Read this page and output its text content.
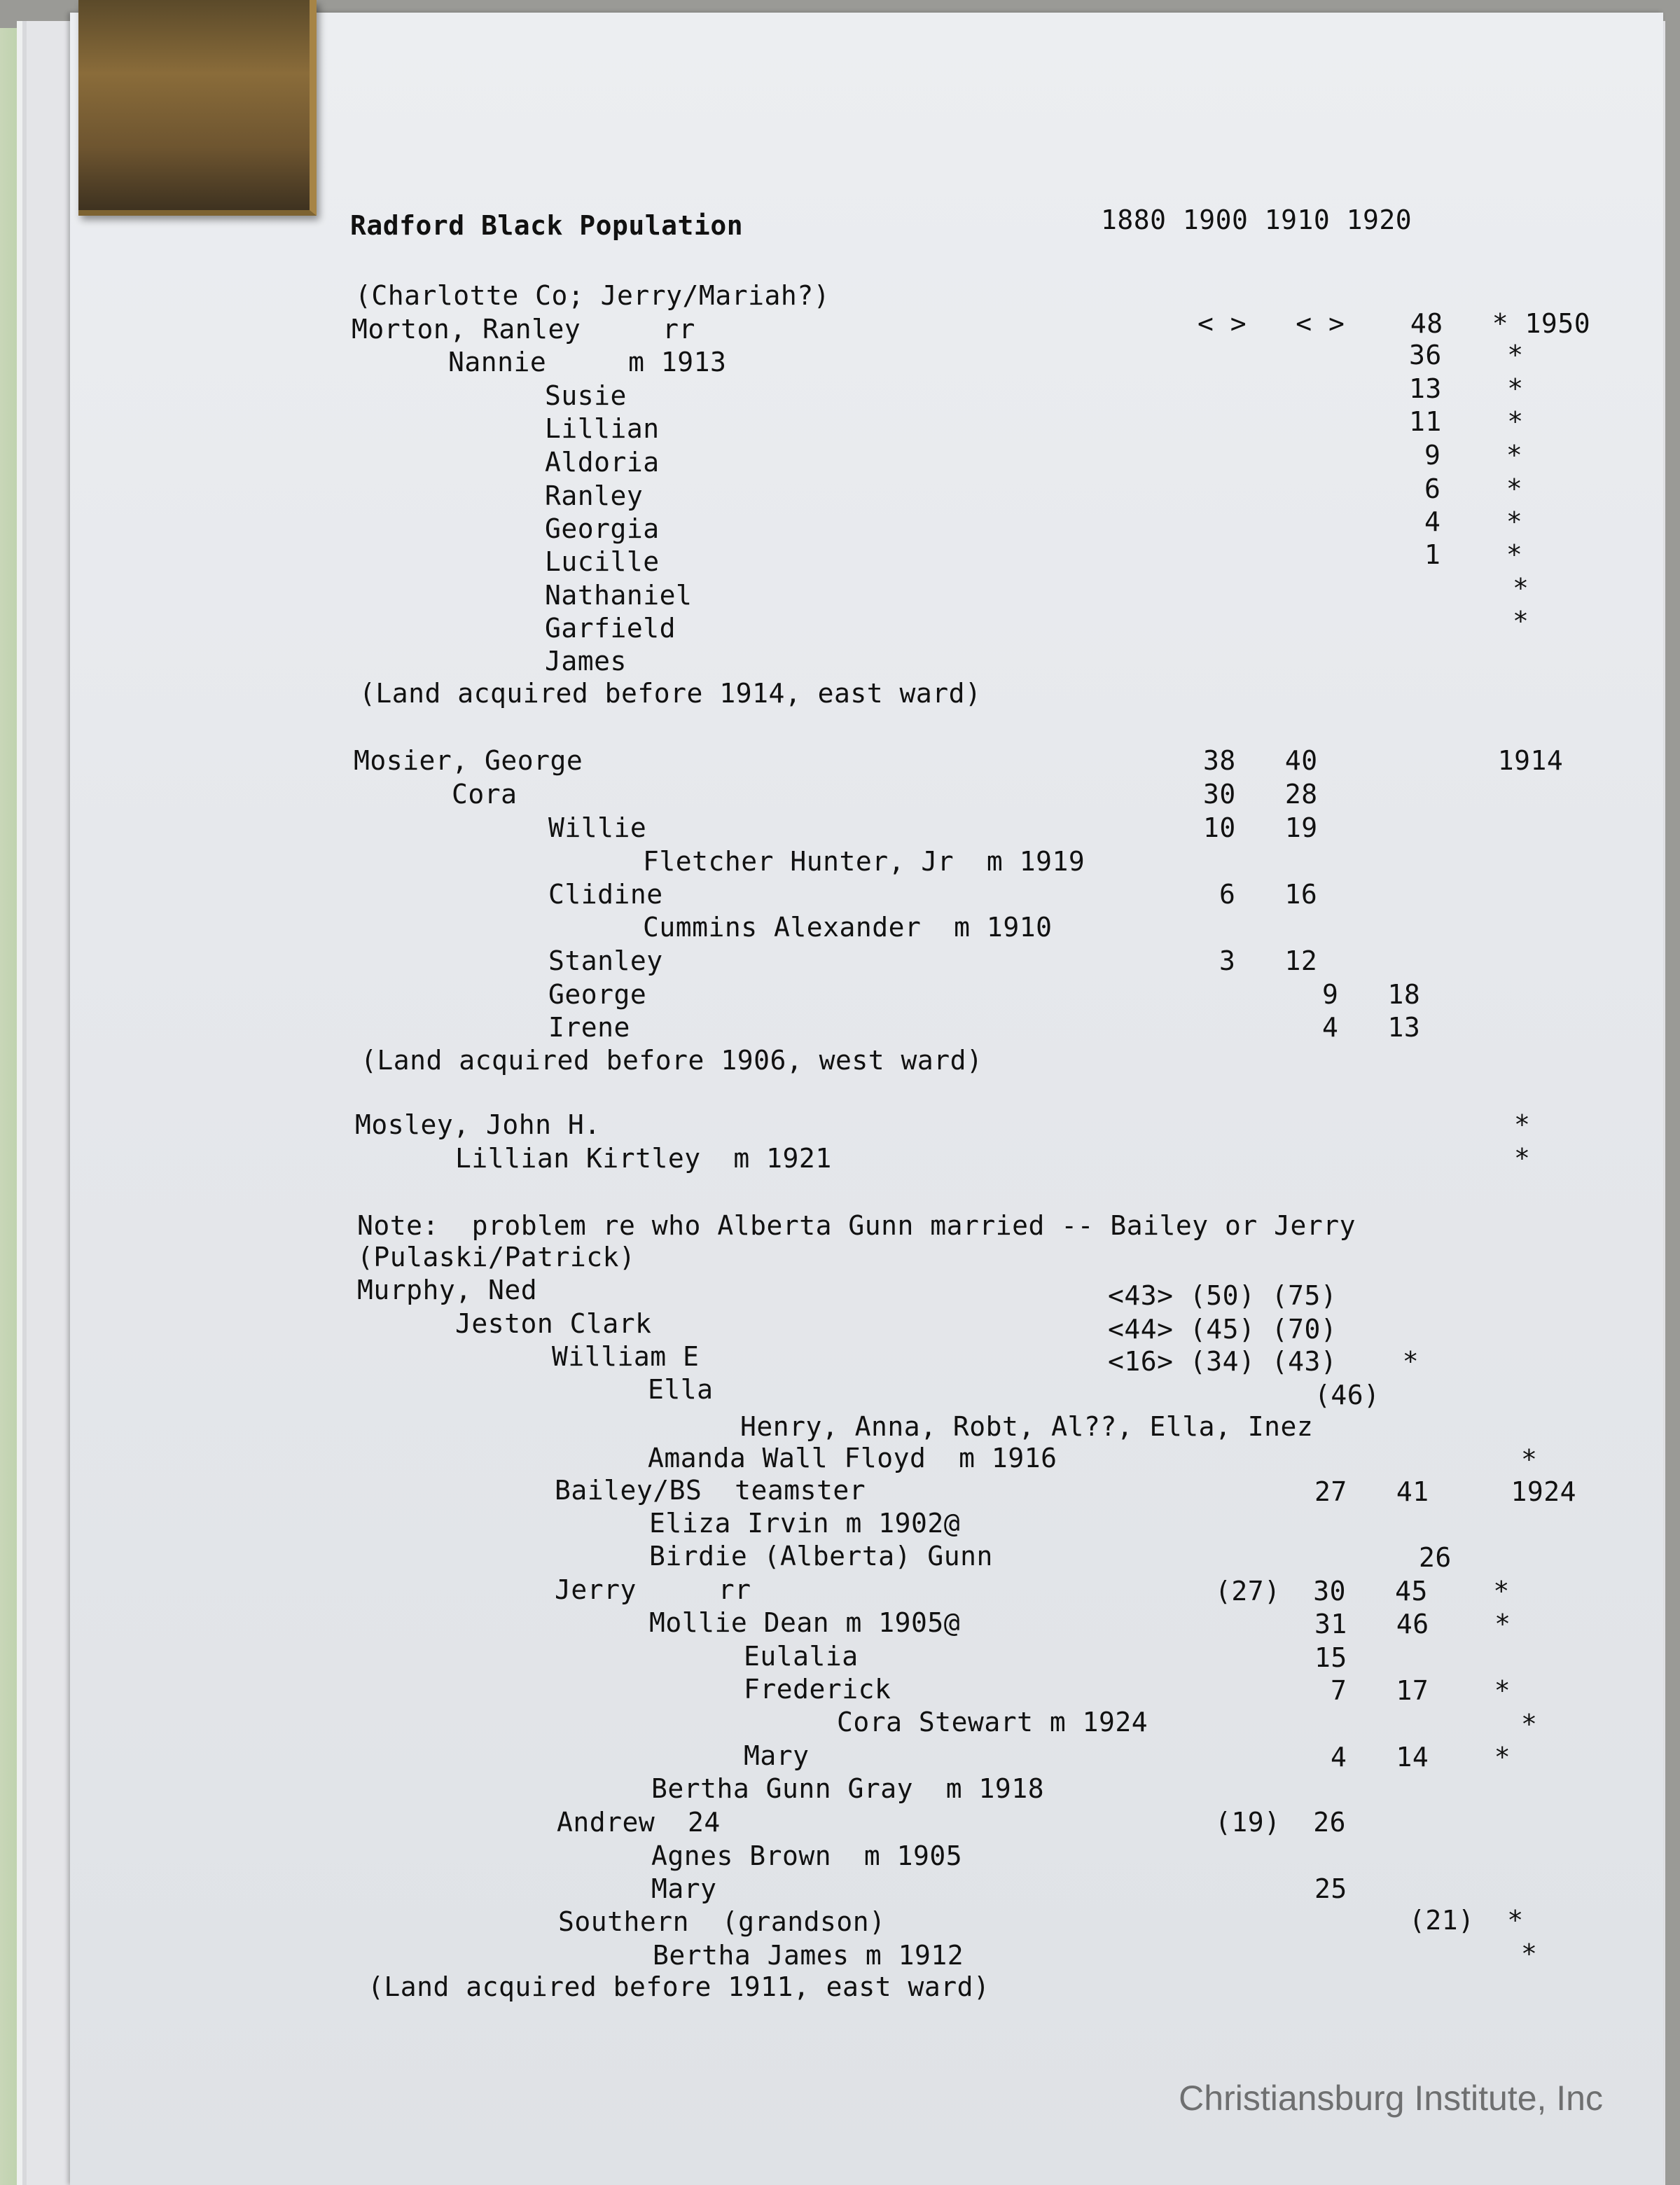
Radford Black Population	1880 1900 1910 1920
(Charlotte Co; Jerry/Mariah?)
Morton, Ranley     rr
Nannie     m 1913
Susie
Lillian
Aldoria
Ranley
Georgia
Lucille
Nathaniel
Garfield
James
(Land acquired before 1914, east ward)
Mosier, George
Cora
Willie
Fletcher Hunter, Jr  m 1919
Clidine
Cummins Alexander  m 1910
Stanley
George
Irene
(Land acquired before 1906, west ward)
Mosley, John H.
Lillian Kirtley  m 1921
Note:  problem re who Alberta Gunn married -- Bailey or Jerry
(Pulaski/Patrick)
Murphy, Ned
Jeston Clark
William E
Ella
Henry, Anna, Robt, Al??, Ella, Inez
Amanda Wall Floyd  m 1916
Bailey/BS  teamster
Eliza Irvin m 1902@
Birdie (Alberta) Gunn
Jerry     rr
Mollie Dean m 1905@
Eulalia
Frederick
Cora Stewart m 1924
Mary
Bertha Gunn Gray  m 1918
Andrew  24
Agnes Brown  m 1905
Mary
Southern  (grandson)
Bertha James m 1912
(Land acquired before 1911, east ward)
< >   < >    48   * 1950
36    *
13    *
11    *
9    *
6    *
4    *
1    *
*
*
38   40           1914
30   28
10   19
6   16
3   12
9   18
4   13
*
*
<43> (50) (75)
<44> (45) (70)
<16> (34) (43)    *
(46)
*
27   41     1924
26
(27)  30   45    *
31   46    *
15
7   17    *
*
4   14    *
(19)  26
25
(21)  *
*
Christiansburg Institute, Inc
